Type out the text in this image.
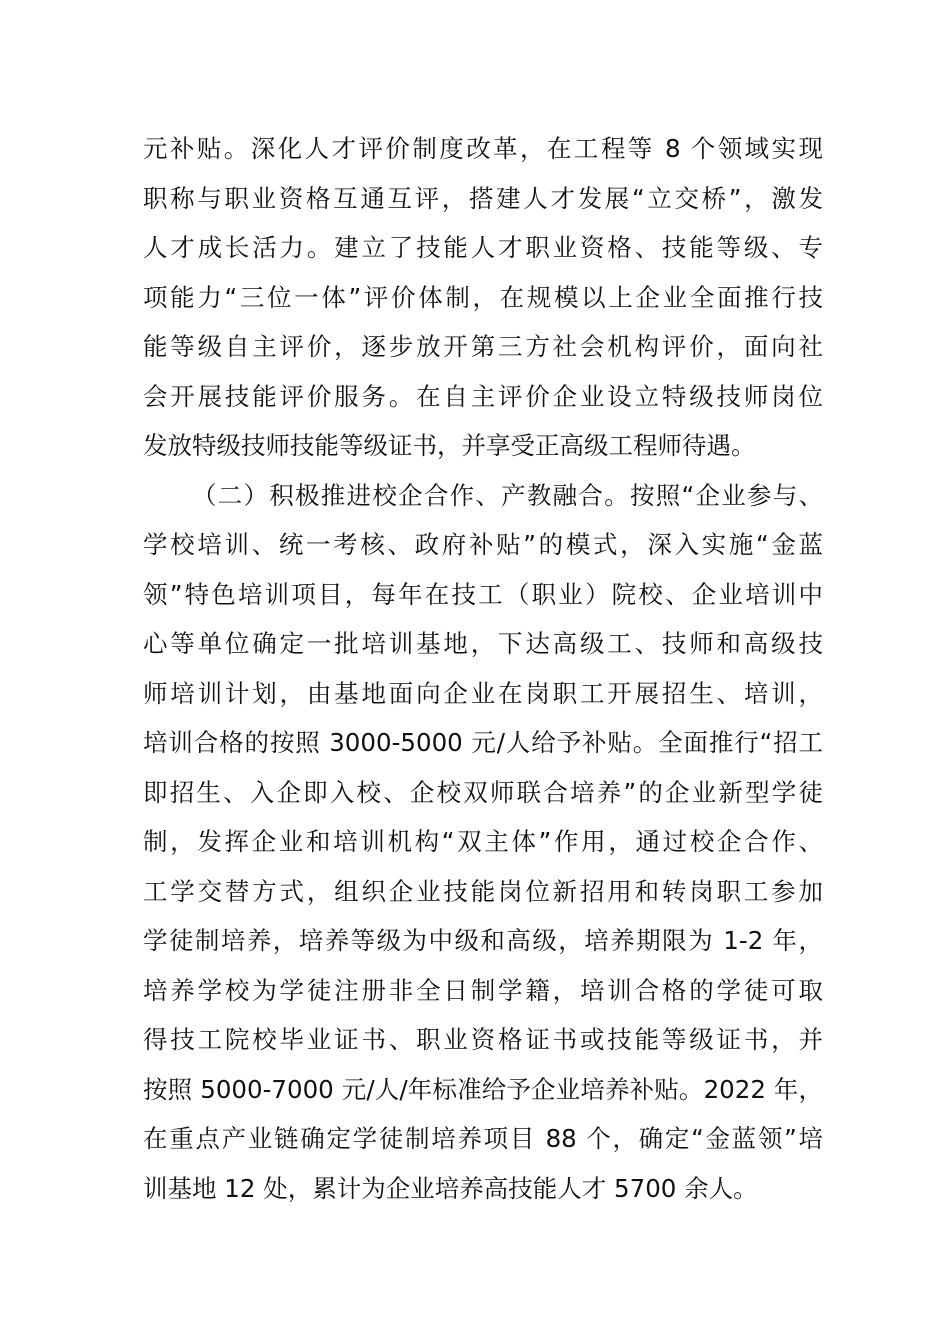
元补贴。深化人才评价制度改革，在工程等 8 个领域实现
职称与职业资格互通互评，搭建人才发展“立交桥”，激发
人才成长活力。建立了技能人才职业资格、技能等级、专
项能力“三位一体”评价体制，在规模以上企业全面推行技
能等级自主评价，逐步放开第三方社会机构评价，面向社
会开展技能评价服务。在自主评价企业设立特级技师岗位
发放特级技师技能等级证书，并享受正高级工程师待遇。
（二）积极推进校企合作、产教融合。按照“企业参与、
学校培训、统一考核、政府补贴”的模式，深入实施“金蓝
领”特色培训项目，每年在技工（职业）院校、企业培训中
心等单位确定一批培训基地，下达高级工、技师和高级技
师培训计划，由基地面向企业在岗职工开展招生、培训，
培训合格的按照 3000-5000 元/人给予补贴。全面推行“招工
即招生、入企即入校、企校双师联合培养”的企业新型学徒
制，发挥企业和培训机构“双主体”作用，通过校企合作、
工学交替方式，组织企业技能岗位新招用和转岗职工参加
学徒制培养，培养等级为中级和高级，培养期限为 1-2 年，
培养学校为学徒注册非全日制学籍，培训合格的学徒可取
得技工院校毕业证书、职业资格证书或技能等级证书，并
按照 5000-7000 元/人/年标准给予企业培养补贴。2022 年，
在重点产业链确定学徒制培养项目 88 个，确定“金蓝领”培
训基地 12 处，累计为企业培养高技能人才 5700 余人。
